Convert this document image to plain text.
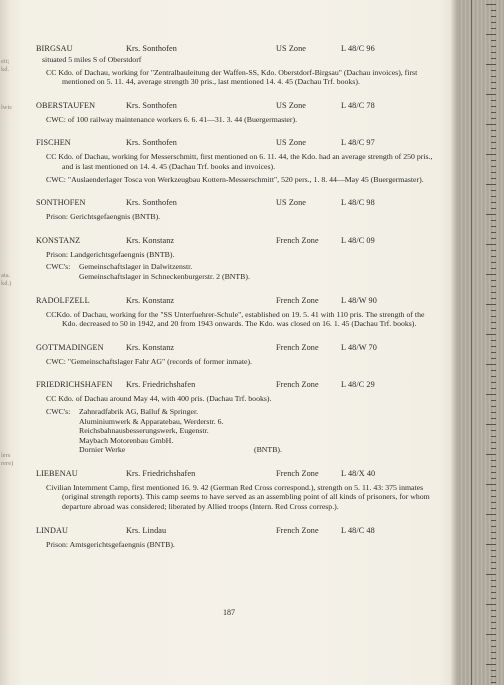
eit;
kd.
lwis
ata.
kd.)
lers
rere)
BIRGSAU	Krs. Sonthofen	US Zone	L 48/C 96
situated 5 miles S of Oberstdorf
CC Kdo. of Dachau, working for "Zentralbauleitung der Waffen-SS, Kdo. Oberstdorf-Birgsau" (Dachau invoices), first mentioned on 5. 11. 44, average strength 30 pris., last mentioned 14. 4. 45 (Dachau Trf. books).
OBERSTAUFEN	Krs. Sonthofen	US Zone	L 48/C 78
CWC: of 100 railway maintenance workers 6. 6. 41—31. 3. 44 (Buergermaster).
FISCHEN	Krs. Sonthofen	US Zone	L 48/C 97
CC Kdo. of Dachau, working for Messerschmitt, first mentioned on 6. 11. 44, the Kdo. had an average strength of 250 pris., and is last mentioned on 14. 4. 45 (Dachau Trf. books and invoices).
CWC: "Auslaenderlager Tosca von Werkzeugbau Kottern-Messerschmitt", 520 pers., 1. 8. 44—May 45 (Buergermaster).
SONTHOFEN	Krs. Sonthofen	US Zone	L 48/C 98
Prison: Gerichtsgefaengnis (BNTB).
KONSTANZ	Krs. Konstanz	French Zone	L 48/C 09
Prison: Landgerichtsgefaengnis (BNTB).
CWC's: Gemeinschaftslager in Dalwitzenstr.
Gemeinschaftslager in Schneckenburgerstr. 2 (BNTB).
RADOLFZELL	Krs. Konstanz	French Zone	L 48/W 90
CCKdo. of Dachau, working for the "SS Unterfuehrer-Schule", established on 19. 5. 41 with 110 pris. The strength of the Kdo. decreased to 50 in 1942, and 20 from 1943 onwards. The Kdo. was closed on 16. 1. 45 (Dachau Trf. books).
GOTTMADINGEN	Krs. Konstanz	French Zone	L 48/W 70
CWC: "Gemeinschaftslager Fahr AG" (records of former inmate).
FRIEDRICHSHAFEN Krs. Friedrichshafen	French Zone	L 48/C 29
CC Kdo. of Dachau around May 44, with 400 pris. (Dachau Trf. books).
CWC's: Zahnradfabrik AG, Balluf & Springer.
Aluminiumwerk & Apparatebau, Werderstr. 6.
Reichsbahnausbesserungswerk, Eugenstr.
Maybach Motorenbau GmbH.
Dornier Werke	(BNTB).
LIEBENAU	Krs. Friedrichshafen	French Zone	L 48/X 40
Civilian Internment Camp, first mentioned 16. 9. 42 (German Red Cross correspond.), strength on 5. 11. 43: 375 inmates (original strength reports). This camp seems to have served as an assembling point of all kinds of prisoners, for whom departure abroad was considered; liberated by Allied troops (Intern. Red Cross corresp.).
LINDAU	Krs. Lindau	French Zone	L 48/C 48
Prison: Amtsgerichtsgefaengnis (BNTB).
187
